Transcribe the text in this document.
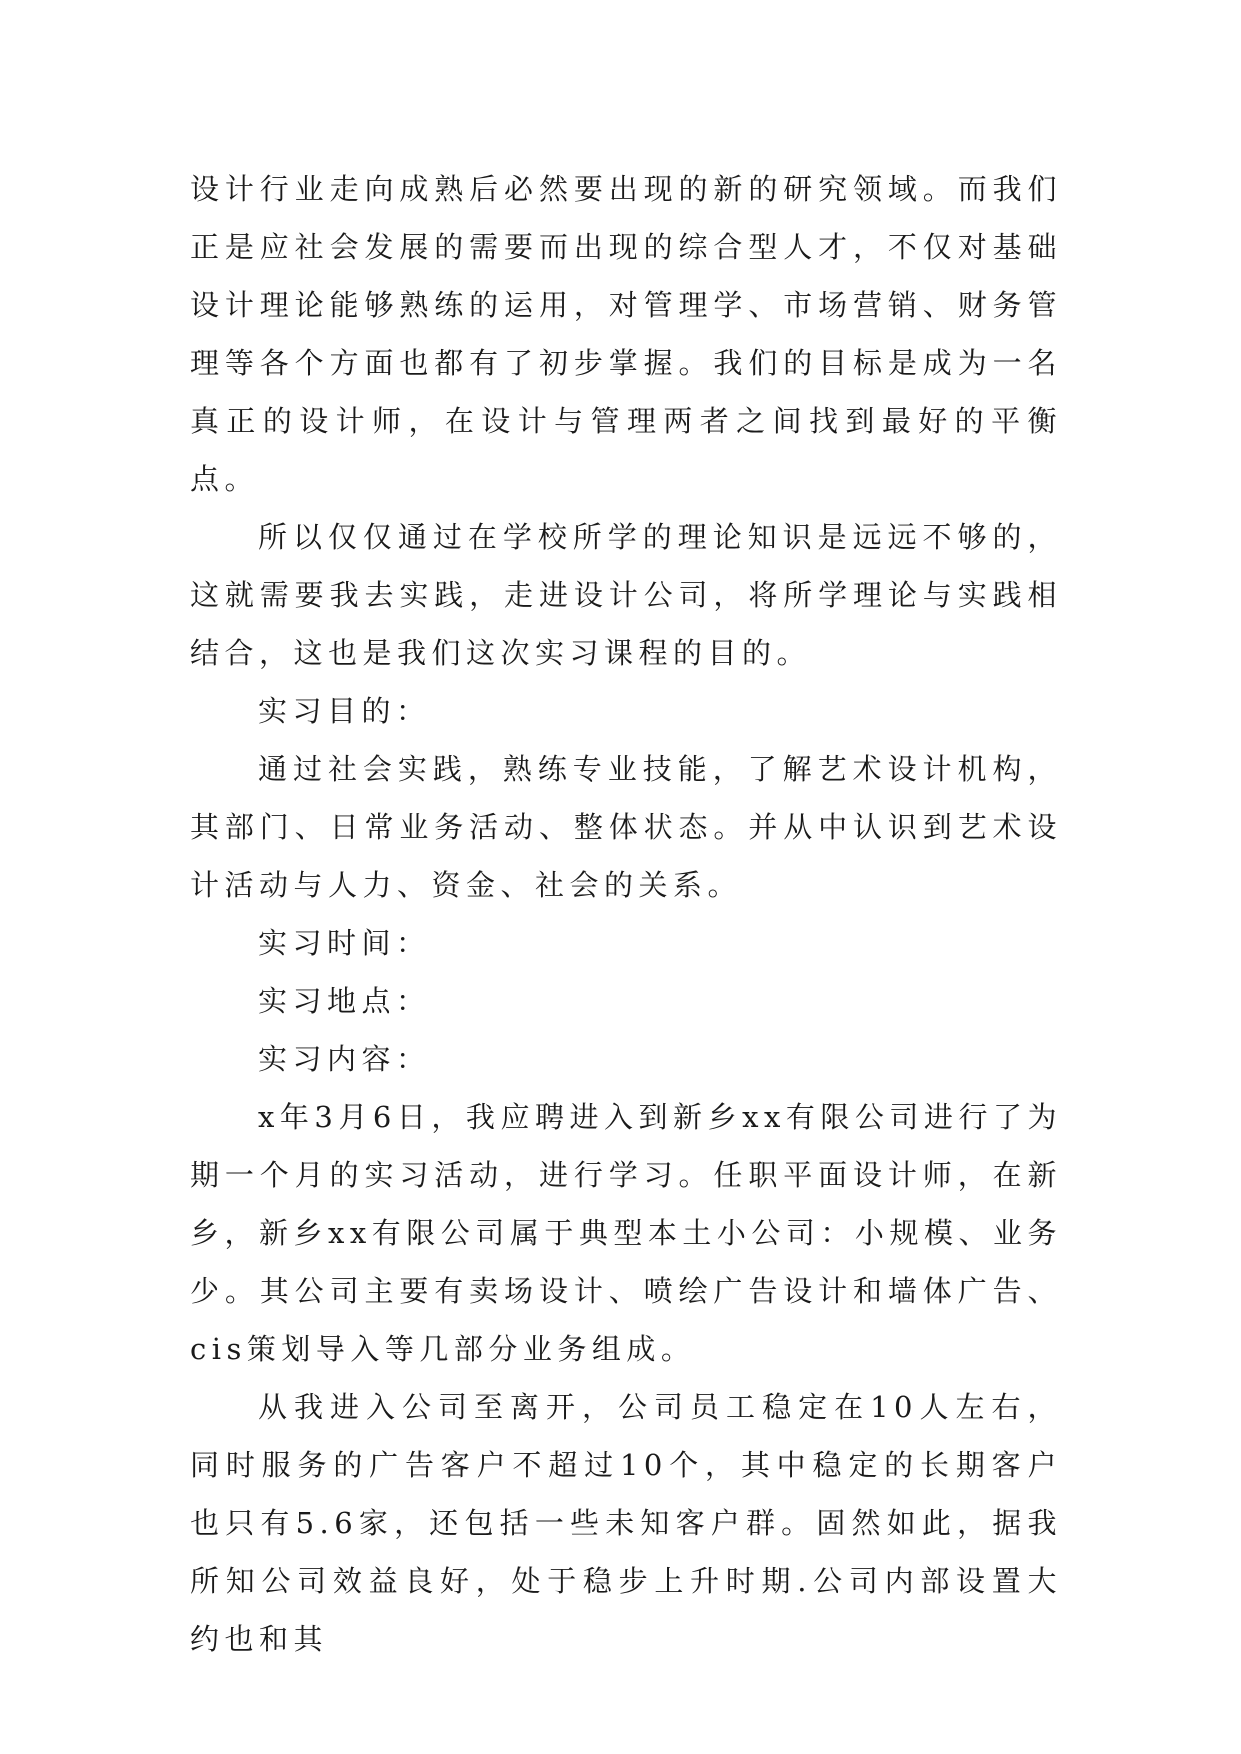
设计行业走向成熟后必然要出现的新的研究领域。而我们正是应社会发展的需要而出现的综合型人才，不仅对基础设计理论能够熟练的运用，对管理学、市场营销、财务管理等各个方面也都有了初步掌握。我们的目标是成为一名真正的设计师，在设计与管理两者之间找到最好的平衡点。

所以仅仅通过在学校所学的理论知识是远远不够的，这就需要我去实践，走进设计公司，将所学理论与实践相结合，这也是我们这次实习课程的目的。

实习目的：

通过社会实践，熟练专业技能，了解艺术设计机构，其部门、日常业务活动、整体状态。并从中认识到艺术设计活动与人力、资金、社会的关系。

实习时间：

实习地点：

实习内容：

x年3月6日，我应聘进入到新乡xx有限公司进行了为期一个月的实习活动，进行学习。任职平面设计师，在新乡，新乡xx有限公司属于典型本土小公司：小规模、业务少。其公司主要有卖场设计、喷绘广告设计和墙体广告、cis策划导入等几部分业务组成。

从我进入公司至离开，公司员工稳定在10人左右，同时服务的广告客户不超过10个，其中稳定的长期客户也只有5.6家，还包括一些未知客户群。固然如此，据我所知公司效益良好，处于稳步上升时期.公司内部设置大约也和其
